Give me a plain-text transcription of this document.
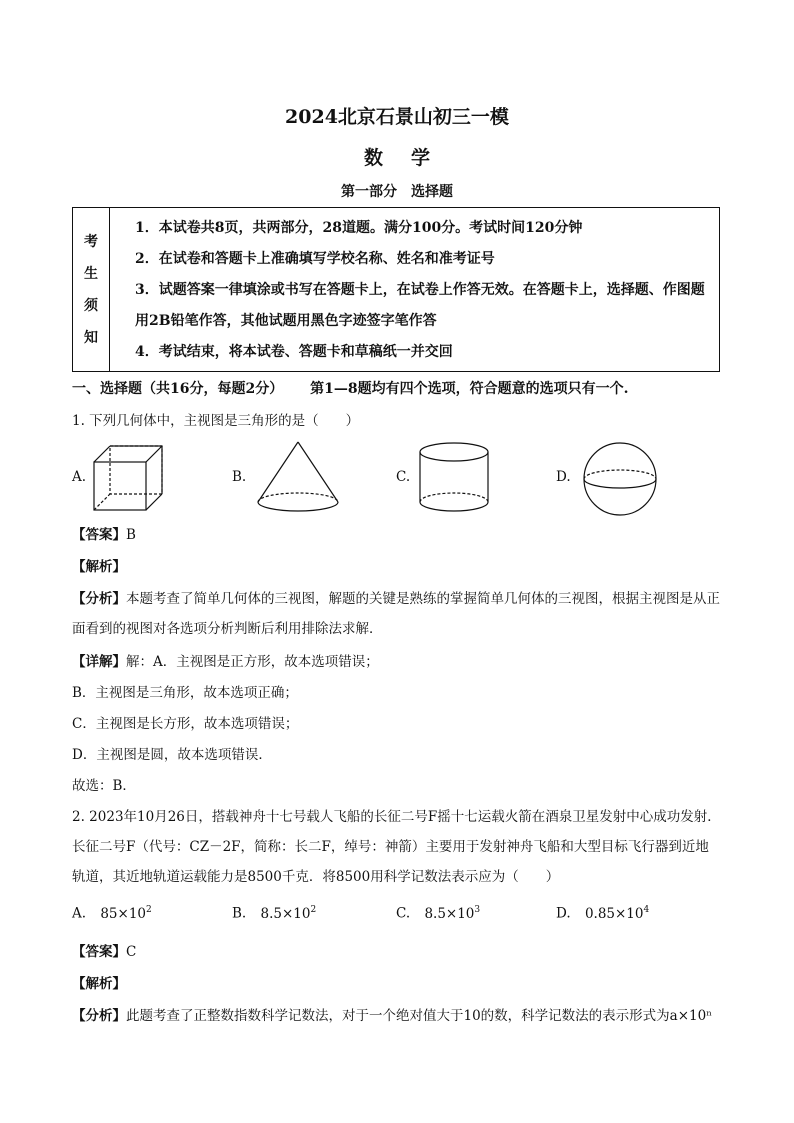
2024北京石景山初三一模
数学
第一部分　选择题
考
生
须
知
1．本试卷共8页，共两部分，28道题。满分100分。考试时间120分钟
2．在试卷和答题卡上准确填写学校名称、姓名和准考证号
3．试题答案一律填涂或书写在答题卡上，在试卷上作答无效。在答题卡上，选择题、作图题用2B铅笔作答，其他试题用黑色字迹签字笔作答
4．考试结束，将本试卷、答题卡和草稿纸一并交回
一、选择题（共16分，每题2分） 第1—8题均有四个选项，符合题意的选项只有一个.
1. 下列几何体中，主视图是三角形的是（　　）
A.	B.	C.	D.
【答案】B
【解析】
【分析】本题考查了简单几何体的三视图，解题的关键是熟练的掌握简单几何体的三视图，根据主视图是从正面看到的视图对各选项分析判断后利用排除法求解．
【详解】解：A．主视图是正方形，故本选项错误；
B．主视图是三角形，故本选项正确；
C．主视图是长方形，故本选项错误；
D．主视图是圆，故本选项错误．
故选：B．
2. 2023年10月26日，搭载神舟十七号载人飞船的长征二号F摇十七运载火箭在酒泉卫星发射中心成功发射．长征二号F（代号：CZ－2F，简称：长二F，绰号：神箭）主要用于发射神舟飞船和大型目标飞行器到近地轨道，其近地轨道运载能力是8500千克．将8500用科学记数法表示应为（　　）
A. $85\times 10^2$	B. $8.5\times 10^2$	C. $8.5\times 10^3$	D. $0.85\times 10^4$
【答案】C
【解析】
【分析】此题考查了正整数指数科学记数法，对于一个绝对值大于10的数，科学记数法的表示形式为a×10ⁿ
